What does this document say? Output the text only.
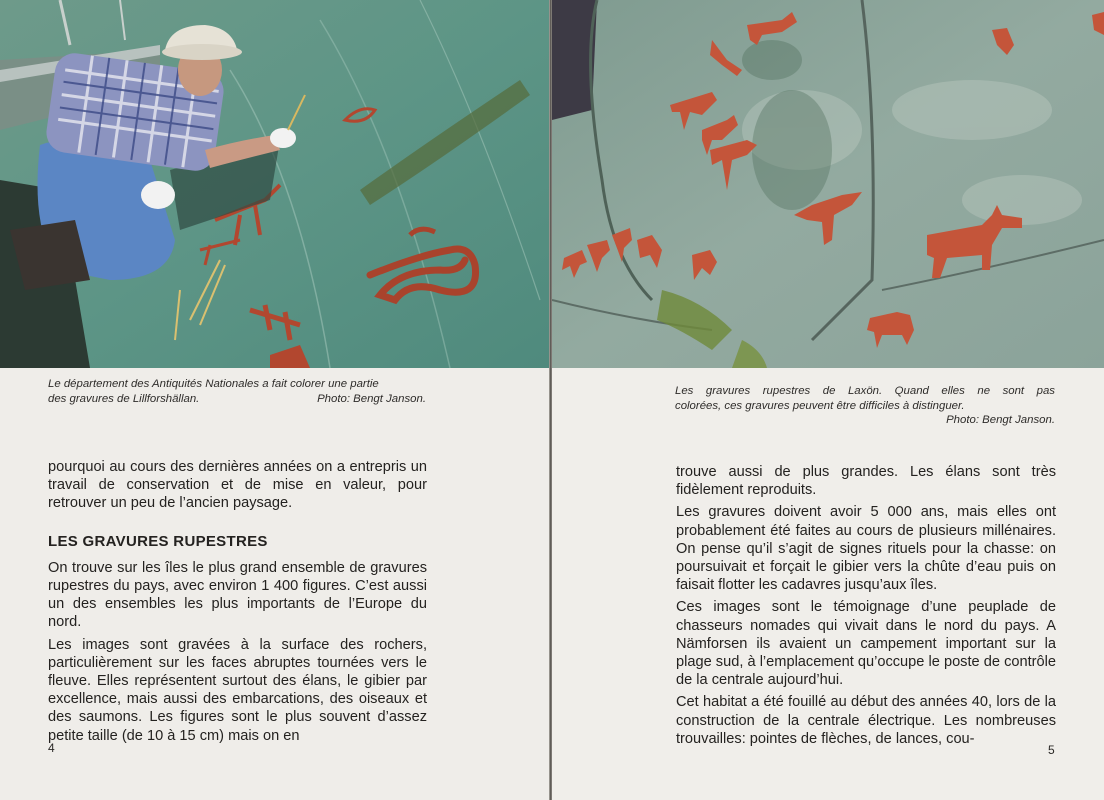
Le département des Antiquités Nationales a fait colorer une partie
des gravures de Lillforshällan.	Photo: Bengt Janson.

pourquoi au cours des dernières années on a entrepris un travail de conservation et de mise en valeur, pour retrouver un peu de l’ancien paysage.

LES GRAVURES RUPESTRES

On trouve sur les îles le plus grand ensemble de gravures rupestres du pays, avec environ 1 400 figures. C’est aussi un des ensembles les plus importants de l’Europe du nord.

Les images sont gravées à la surface des rochers, particulièrement sur les faces abruptes tournées vers le fleuve. Elles représentent surtout des élans, le gibier par excellence, mais aussi des embarcations, des oiseaux et des saumons. Les figures sont le plus souvent d’assez petite taille (de 10 à 15 cm) mais on en

4
Les gravures rupestres de Laxön. Quand elles ne sont pas
colorées, ces gravures peuvent être difficiles à distinguer.
Photo: Bengt Janson.

trouve aussi de plus grandes. Les élans sont très fidèlement reproduits.

Les gravures doivent avoir 5 000 ans, mais elles ont probablement été faites au cours de plusieurs millénaires. On pense qu’il s’agit de signes rituels pour la chasse: on poursuivait et forçait le gibier vers la chûte d’eau puis on faisait flotter les cadavres jusqu’aux îles.

Ces images sont le témoignage d’une peuplade de chasseurs nomades qui vivait dans le nord du pays. A Nämforsen ils avaient un campement important sur la plage sud, à l’emplacement qu’occupe le poste de contrôle de la centrale aujourd’hui.

Cet habitat a été fouillé au début des années 40, lors de la construction de la centrale électrique. Les nombreuses trouvailles: pointes de flèches, de lances, cou-

5
